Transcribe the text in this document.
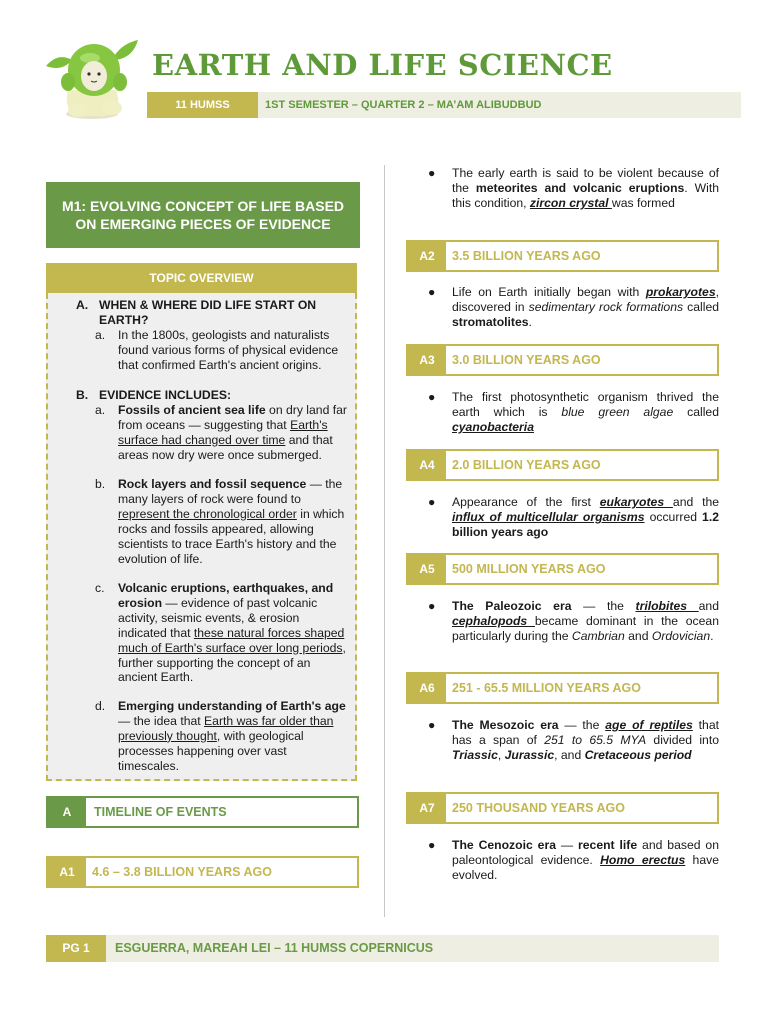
EARTH AND LIFE SCIENCE
11 HUMSS	1ST SEMESTER – QUARTER 2 – MA’AM ALIBUDBUD
M1: EVOLVING CONCEPT OF LIFE BASED ON EMERGING PIECES OF EVIDENCE
TOPIC OVERVIEW
A. WHEN & WHERE DID LIFE START ON EARTH?
a.	In the 1800s, geologists and naturalists found various forms of physical evidence that confirmed Earth's ancient origins.
B. EVIDENCE INCLUDES:
a.	Fossils of ancient sea life on dry land far from oceans — suggesting that Earth's surface had changed over time and that areas now dry were once submerged.
b.	Rock layers and fossil sequence — the many layers of rock were found to represent the chronological order in which rocks and fossils appeared, allowing scientists to trace Earth's history and the evolution of life.
c.	Volcanic eruptions, earthquakes, and erosion — evidence of past volcanic activity, seismic events, & erosion indicated that these natural forces shaped much of Earth's surface over long periods, further supporting the concept of an ancient Earth.
d.	Emerging understanding of Earth's age — the idea that Earth was far older than previously thought, with geological processes happening over vast timescales.
A	TIMELINE OF EVENTS
A1	4.6 – 3.8 BILLION YEARS AGO
●	The early earth is said to be violent because of the meteorites and volcanic eruptions. With this condition, zircon crystal was formed
A2	3.5 BILLION YEARS AGO
●	Life on Earth initially began with prokaryotes, discovered in sedimentary rock formations called stromatolites.
A3	3.0 BILLION YEARS AGO
●	The first photosynthetic organism thrived the earth which is blue green algae called cyanobacteria
A4	2.0 BILLION YEARS AGO
●	Appearance of the first eukaryotes and the influx of multicellular organisms occurred 1.2 billion years ago
A5	500 MILLION YEARS AGO
●	The Paleozoic era — the trilobites and cephalopods became dominant in the ocean particularly during the Cambrian and Ordovician.
A6	251 - 65.5 MILLION YEARS AGO
●	The Mesozoic era — the age of reptiles that has a span of 251 to 65.5 MYA divided into Triassic, Jurassic, and Cretaceous period
A7	250 THOUSAND YEARS AGO
●	The Cenozoic era — recent life and based on paleontological evidence. Homo erectus have evolved.
PG 1	ESGUERRA, MAREAH LEI – 11 HUMSS COPERNICUS
